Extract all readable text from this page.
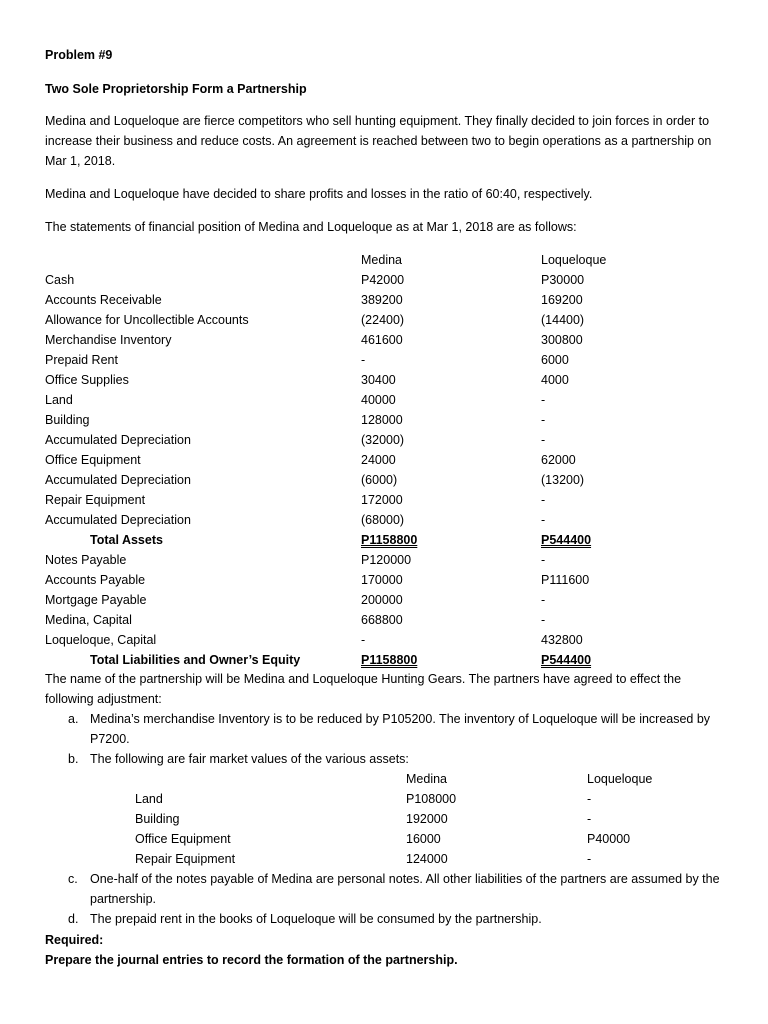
Problem #9
Two Sole Proprietorship Form a Partnership
Medina and Loqueloque are fierce competitors who sell hunting equipment. They finally decided to join forces in order to increase their business and reduce costs. An agreement is reached between two to begin operations as a partnership on Mar 1, 2018.
Medina and Loqueloque have decided to share profits and losses in the ratio of 60:40, respectively.
The statements of financial position of Medina and Loqueloque as at Mar 1, 2018 are as follows:
Medina	Loqueloque
Cash	P42000	P30000
Accounts Receivable	389200	169200
Allowance for Uncollectible Accounts	(22400)	(14400)
Merchandise Inventory	461600	300800
Prepaid Rent	-	6000
Office Supplies	30400	4000
Land	40000	-
Building	128000	-
Accumulated Depreciation	(32000)	-
Office Equipment	24000	62000
Accumulated Depreciation	(6000)	(13200)
Repair Equipment	172000	-
Accumulated Depreciation	(68000)	-
Total Assets	P1158800	P544400
Notes Payable	P120000	-
Accounts Payable	170000	P111600
Mortgage Payable	200000	-
Medina, Capital	668800	-
Loqueloque, Capital	-	432800
Total Liabilities and Owner’s Equity	P1158800	P544400
The name of the partnership will be Medina and Loqueloque Hunting Gears. The partners have agreed to effect the following adjustment:
a. Medina’s merchandise Inventory is to be reduced by P105200. The inventory of Loqueloque will be increased by P7200.
b. The following are fair market values of the various assets:
Medina	Loqueloque
Land	P108000	-
Building	192000	-
Office Equipment	16000	P40000
Repair Equipment	124000	-
c. One-half of the notes payable of Medina are personal notes. All other liabilities of the partners are assumed by the partnership.
d. The prepaid rent in the books of Loqueloque will be consumed by the partnership.
Required:
Prepare the journal entries to record the formation of the partnership.
